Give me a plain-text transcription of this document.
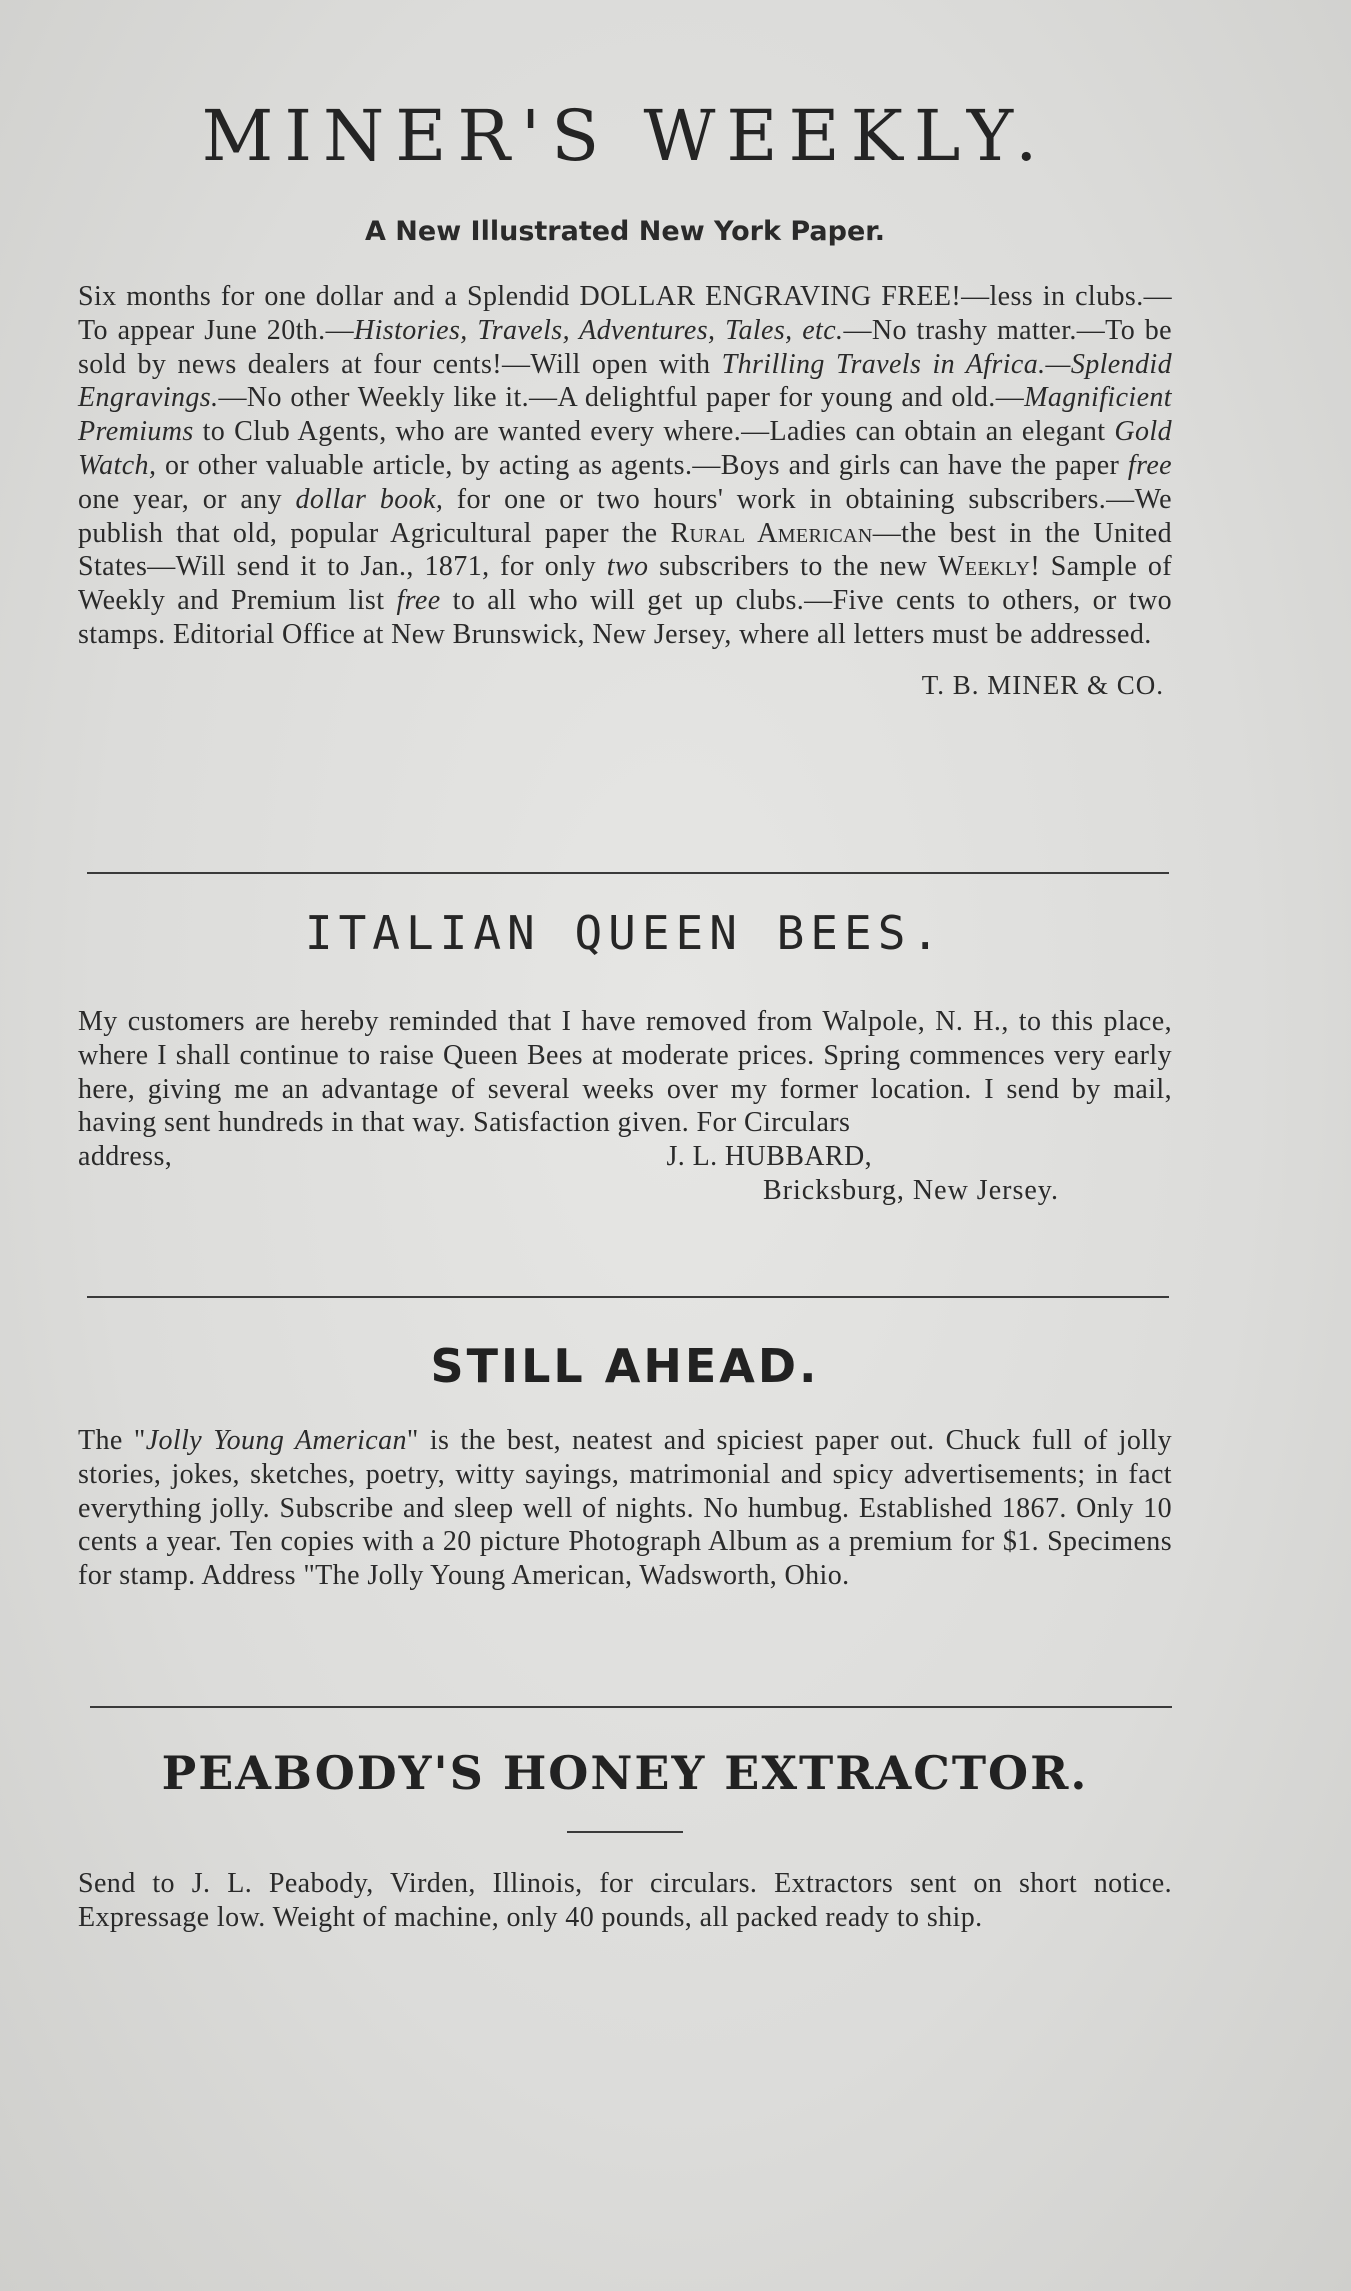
MINER'S WEEKLY.
A New Illustrated New York Paper.

Six months for one dollar and a Splendid DOLLAR ENGRAVING FREE!—less in clubs.—To appear June 20th.—Histories, Travels, Adventures, Tales, etc.—No trashy matter.—To be sold by news dealers at four cents!—Will open with Thrilling Travels in Africa.—Splendid Engravings.—No other Weekly like it.—A delightful paper for young and old.—Magnificient Premiums to Club Agents, who are wanted every where.—Ladies can obtain an elegant Gold Watch, or other valuable article, by acting as agents.—Boys and girls can have the paper free one year, or any dollar book, for one or two hours' work in obtaining subscribers.—We publish that old, popular Agricultural paper the Rural American—the best in the United States—Will send it to Jan., 1871, for only two subscribers to the new Weekly! Sample of Weekly and Premium list free to all who will get up clubs.—Five cents to others, or two stamps. Editorial Office at New Brunswick, New Jersey, where all letters must be addressed.

T. B. MINER & CO.
ITALIAN QUEEN BEES.

My customers are hereby reminded that I have removed from Walpole, N. H., to this place, where I shall continue to raise Queen Bees at moderate prices. Spring commences very early here, giving me an advantage of several weeks over my former location. I send by mail, having sent hundreds in that way. Satisfaction given. For Circulars

address,	J. L. HUBBARD,
Bricksburg, New Jersey.
STILL AHEAD.

The "Jolly Young American" is the best, neatest and spiciest paper out. Chuck full of jolly stories, jokes, sketches, poetry, witty sayings, matrimonial and spicy advertisements; in fact everything jolly. Subscribe and sleep well of nights. No humbug. Established 1867. Only 10 cents a year. Ten copies with a 20 picture Photograph Album as a premium for $1. Specimens for stamp. Address "The Jolly Young American, Wadsworth, Ohio.

PEABODY'S HONEY EXTRACTOR.

Send to J. L. Peabody, Virden, Illinois, for circulars. Extractors sent on short notice. Expressage low. Weight of machine, only 40 pounds, all packed ready to ship.
